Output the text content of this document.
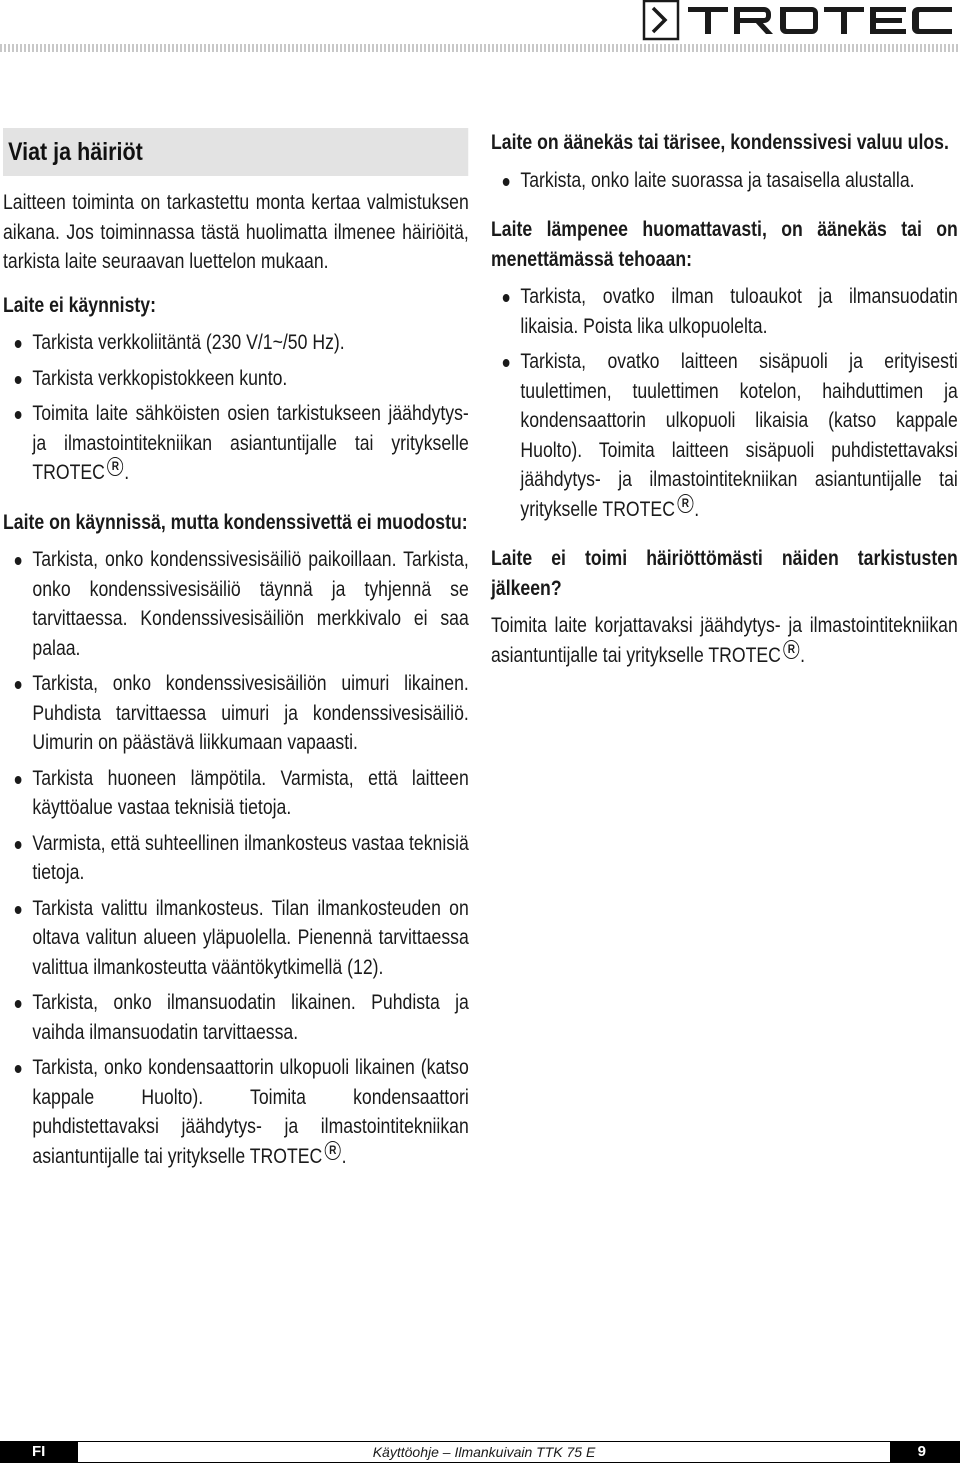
Viat ja häiriöt

Laitteen toiminta on tarkastettu monta kertaa valmistuksen aikana. Jos toiminnassa tästä huolimatta ilmenee häiriöitä, tarkista laite seuraavan luettelon mukaan.

Laite ei käynnisty:

Tarkista verkkoliitäntä (230 V/1~/50 Hz).
Tarkista verkkopistokkeen kunto.
Toimita laite sähköisten osien tarkistukseen jäähdytys- ja ilmastointitekniikan asiantuntijalle tai yritykselle TROTEC R .

Laite on käynnissä, mutta kondenssivettä ei muodostu:

Tarkista, onko kondenssivesisäiliö paikoillaan. Tarkista, onko kondenssivesisäiliö täynnä ja tyhjennä se tarvittaessa. Kondenssivesisäiliön merkkivalo ei saa palaa.
Tarkista, onko kondenssivesisäiliön uimuri likainen. Puhdista tarvittaessa uimuri ja kondenssivesisäiliö. Uimurin on päästävä liikkumaan vapaasti.
Tarkista huoneen lämpötila. Varmista, että laitteen käyttöalue vastaa teknisiä tietoja.
Varmista, että suhteellinen ilmankosteus vastaa teknisiä tietoja.
Tarkista valittu ilmankosteus. Tilan ilmankosteuden on oltava valitun alueen yläpuolella. Pienennä tarvittaessa valittua ilmankosteutta vääntökytkimellä (12).
Tarkista, onko ilmansuodatin likainen. Puhdista ja vaihda ilmansuodatin tarvittaessa.
Tarkista, onko kondensaattorin ulkopuoli likainen (katso kappale Huolto). Toimita kondensaattori puhdistettavaksi jäähdytys- ja ilmastointitekniikan asiantuntijalle tai yritykselle TROTEC R .

Laite on äänekäs tai tärisee, kondenssivesi valuu ulos.

Tarkista, onko laite suorassa ja tasaisella alustalla.

Laite lämpenee huomattavasti, on äänekäs tai on menettämässä tehoaan:

Tarkista, ovatko ilman tuloaukot ja ilmansuodatin likaisia. Poista lika ulkopuolelta.
Tarkista, ovatko laitteen sisäpuoli ja erityisesti tuulettimen, tuulettimen kotelon, haihduttimen ja kondensaattorin ulkopuoli likaisia (katso kappale Huolto). Toimita laitteen sisäpuoli puhdistettavaksi jäähdytys- ja ilmastointitekniikan asiantuntijalle tai yritykselle TROTEC R .

Laite ei toimi häiriöttömästi näiden tarkistusten jälkeen?

Toimita laite korjattavaksi jäähdytys- ja ilmastointitekniikan asiantuntijalle tai yritykselle TROTEC R .

FI	Käyttöohje – Ilmankuivain TTK 75 E	9
